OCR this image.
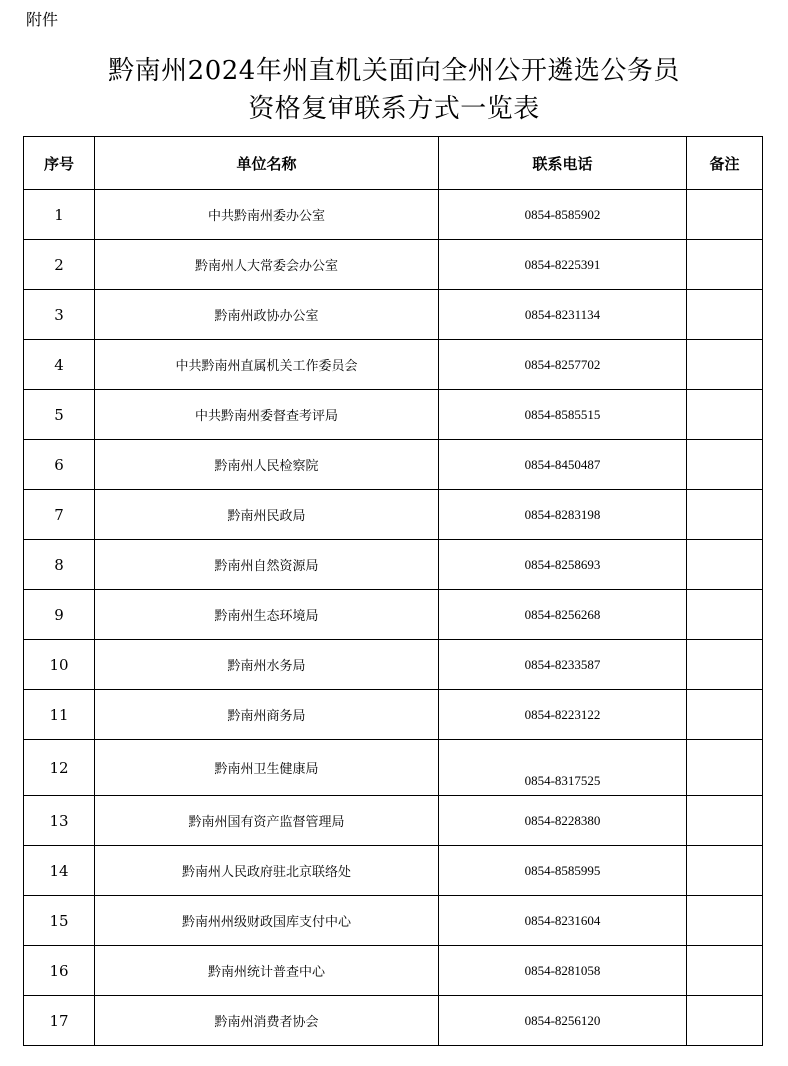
附件
黔南州2024年州直机关面向全州公开遴选公务员
资格复审联系方式一览表
序号	单位名称	联系电话	备注
1	中共黔南州委办公室	0854-8585902	
2	黔南州人大常委会办公室	0854-8225391	
3	黔南州政协办公室	0854-8231134	
4	中共黔南州直属机关工作委员会	0854-8257702	
5	中共黔南州委督查考评局	0854-8585515	
6	黔南州人民检察院	0854-8450487	
7	黔南州民政局	0854-8283198	
8	黔南州自然资源局	0854-8258693	
9	黔南州生态环境局	0854-8256268	
10	黔南州水务局	0854-8233587	
11	黔南州商务局	0854-8223122	
12	黔南州卫生健康局	0854-8317525	
13	黔南州国有资产监督管理局	0854-8228380	
14	黔南州人民政府驻北京联络处	0854-8585995	
15	黔南州州级财政国库支付中心	0854-8231604	
16	黔南州统计普查中心	0854-8281058	
17	黔南州消费者协会	0854-8256120	
